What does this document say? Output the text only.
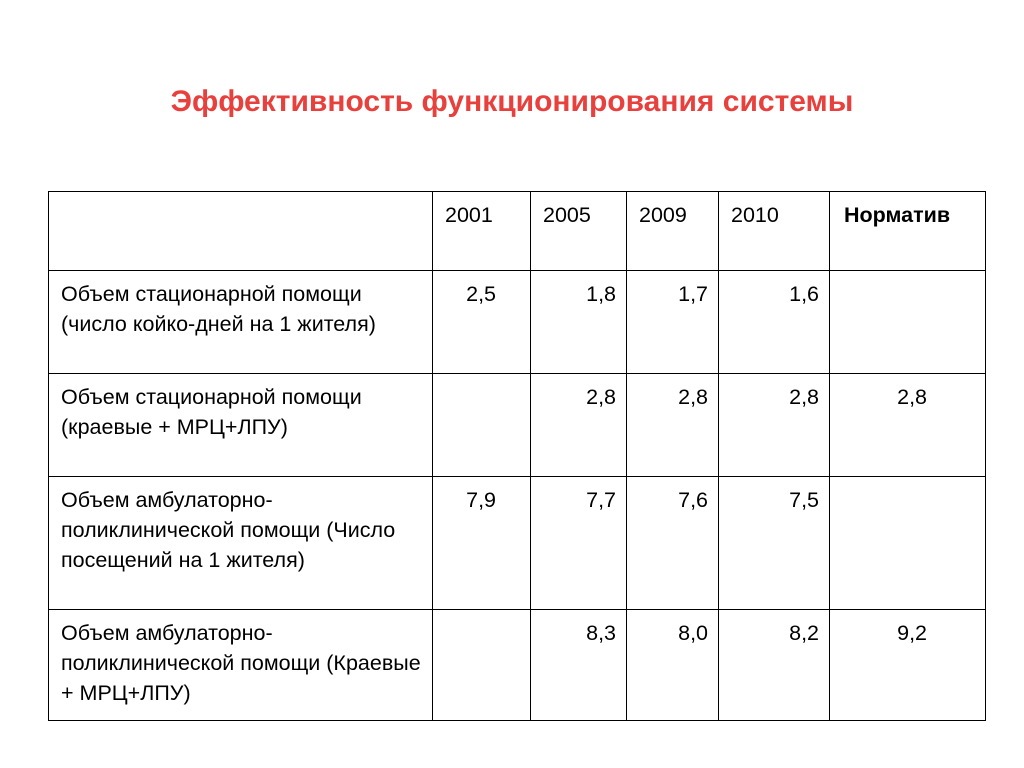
Эффективность функционирования системы
	2001	2005	2009	2010	Норматив
Объем стационарной помощи (число койко-дней на 1 жителя)	2,5	1,8	1,7	1,6	
Объем стационарной помощи (краевые + МРЦ+ЛПУ)		2,8	2,8	2,8	2,8
Объем амбулаторно-поликлинической помощи (Число посещений на 1 жителя)	7,9	7,7	7,6	7,5	
Объем амбулаторно-поликлинической помощи (Краевые + МРЦ+ЛПУ)		8,3	8,0	8,2	9,2
